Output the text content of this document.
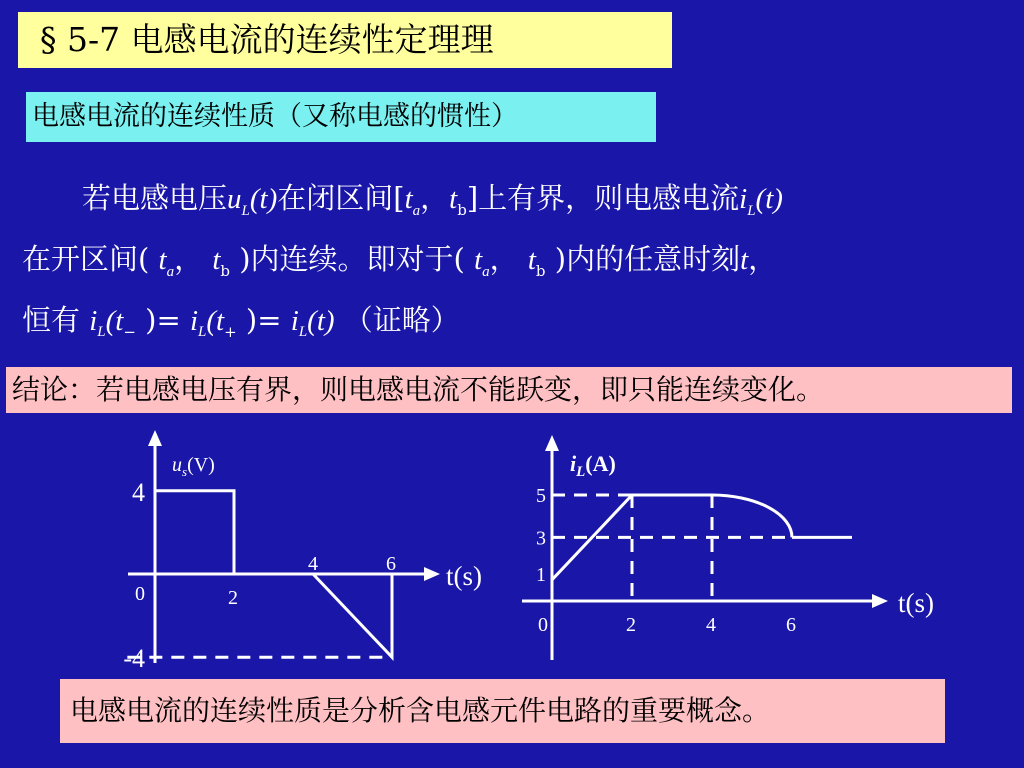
§ 5-7 电感电流的连续性定理理
电感电流的连续性质（又称电感的惯性）
若电感电压$u_L(t)$在闭区间[$t_a$，$t_b$]上有界，则电感电流$i_L(t)$
在开区间( $t_a$， $t_b$ )内连续。即对于( $t_a$， $t_b$ )内的任意时刻t，
恒有 $i_L(t_-$ )= $i_L(t_+$ )= $i_L(t)$ （证略）
结论：若电感电压有界，则电感电流不能跃变，即只能连续变化。
$u_s(V)$
t(s)
0	2
4	6
4
-4
$i_L(A)$
t(s)
0	2	4	6
5
3
1
电感电流的连续性质是分析含电感元件电路的重要概念。
